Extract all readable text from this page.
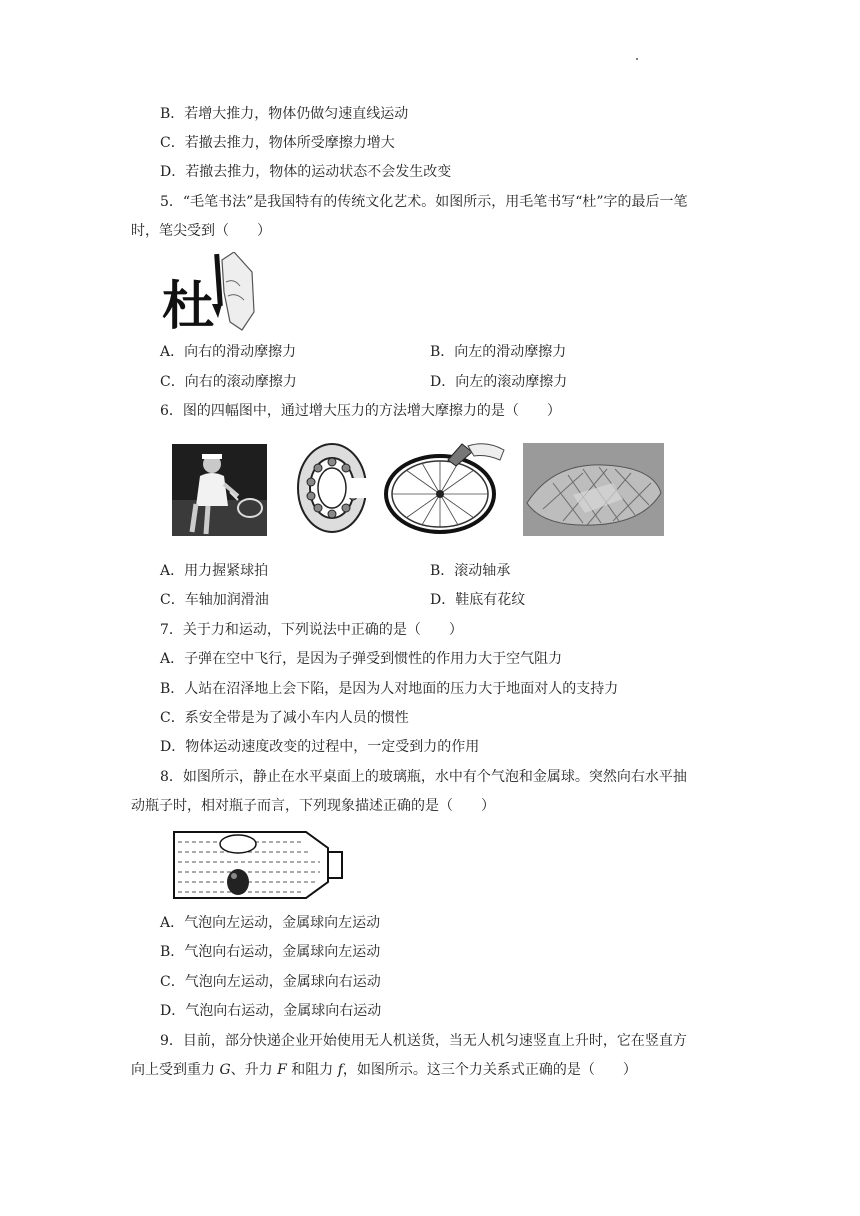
B．若增大推力，物体仍做匀速直线运动
C．若撤去推力，物体所受摩擦力增大
D．若撤去推力，物体的运动状态不会发生改变
5．“毛笔书法”是我国特有的传统文化艺术。如图所示，用毛笔书写“杜”字的最后一笔
时，笔尖受到（　　）
杜
A．向右的滑动摩擦力	B．向左的滑动摩擦力
C．向右的滚动摩擦力	D．向左的滚动摩擦力
6．图的四幅图中，通过增大压力的方法增大摩擦力的是（　　）
A．用力握紧球拍	B．滚动轴承
C．车轴加润滑油	D．鞋底有花纹
7．关于力和运动，下列说法中正确的是（　　）
A．子弹在空中飞行，是因为子弹受到惯性的作用力大于空气阻力
B．人站在沼泽地上会下陷，是因为人对地面的压力大于地面对人的支持力
C．系安全带是为了减小车内人员的惯性
D．物体运动速度改变的过程中，一定受到力的作用
8．如图所示，静止在水平桌面上的玻璃瓶，水中有个气泡和金属球。突然向右水平抽
动瓶子时，相对瓶子而言，下列现象描述正确的是（　　）
A．气泡向左运动，金属球向左运动
B．气泡向右运动，金属球向左运动
C．气泡向左运动，金属球向右运动
D．气泡向右运动，金属球向右运动
9．目前，部分快递企业开始使用无人机送货，当无人机匀速竖直上升时，它在竖直方
向上受到重力 G、升力 F 和阻力 f，如图所示。这三个力关系式正确的是（　　）
